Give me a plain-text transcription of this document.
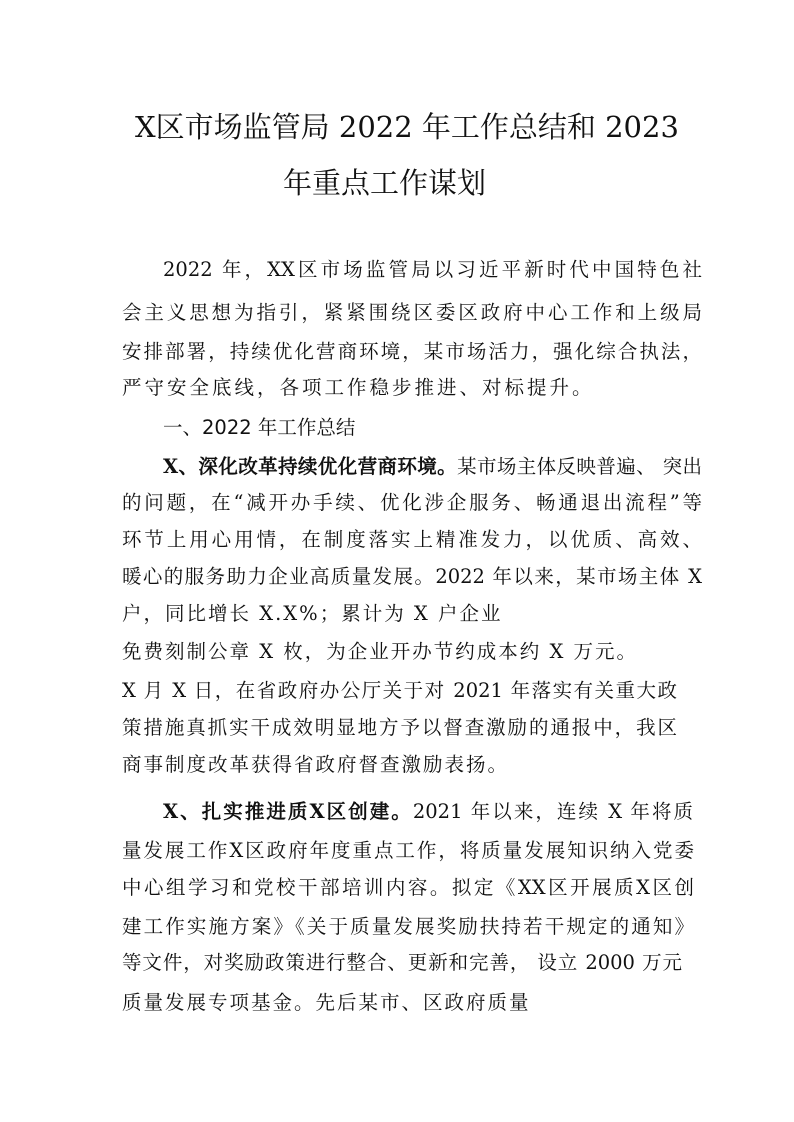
X区市场监管局 2022 年工作总结和 2023
年重点工作谋划
2022 年，XX区市场监管局以习近平新时代中国特色社
会主义思想为指引，紧紧围绕区委区政府中心工作和上级局
安排部署，持续优化营商环境，某市场活力，强化综合执法，
严守安全底线，各项工作稳步推进、对标提升。
一、2022 年工作总结
X、深化改革持续优化营商环境。某市场主体反映普遍、 突出
的问题，在“减开办手续、优化涉企服务、畅通退出流程”等
环节上用心用情，在制度落实上精准发力，以优质、高效、
暖心的服务助力企业高质量发展。2022 年以来，某市场主体 X
户，同比增长 X.X%；累计为 X 户企业
免费刻制公章 X 枚，为企业开办节约成本约 X 万元。
X 月 X 日，在省政府办公厅关于对 2021 年落实有关重大政
策措施真抓实干成效明显地方予以督查激励的通报中，我区
商事制度改革获得省政府督查激励表扬。
X、扎实推进质X区创建。2021 年以来，连续 X 年将质
量发展工作X区政府年度重点工作，将质量发展知识纳入党委
中心组学习和党校干部培训内容。拟定《XX区开展质X区创
建工作实施方案》《关于质量发展奖励扶持若干规定的通知》
等文件，对奖励政策进行整合、更新和完善， 设立 2000 万元
质量发展专项基金。先后某市、区政府质量
